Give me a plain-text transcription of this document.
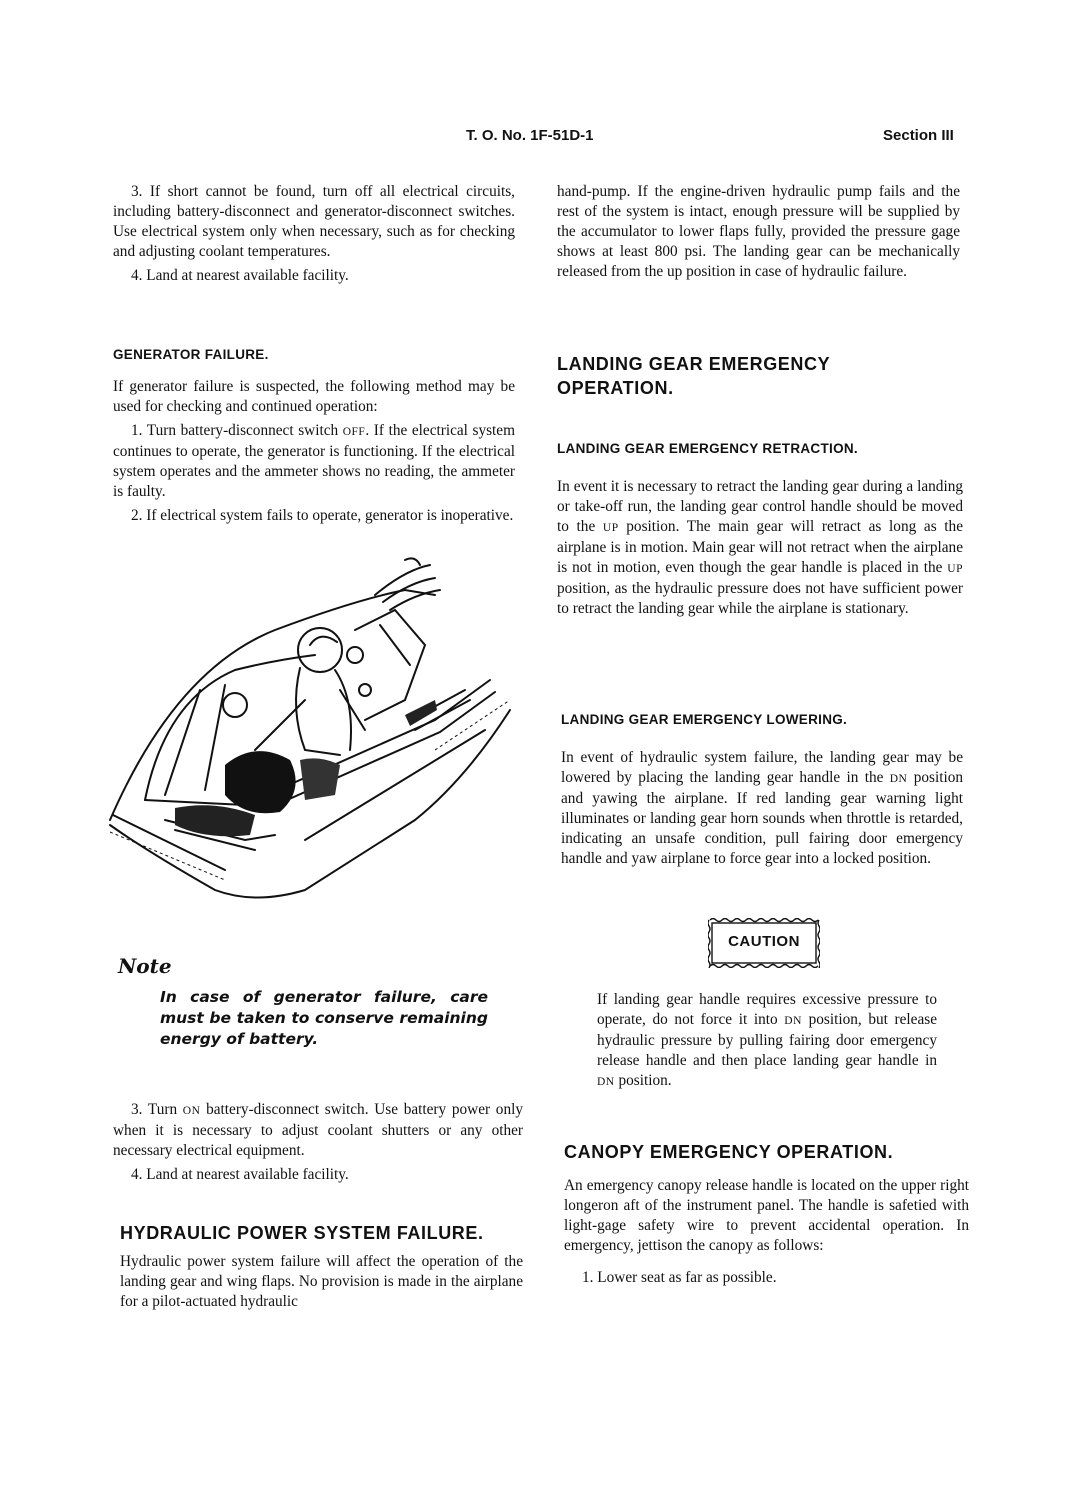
T. O. No. 1F-51D-1	Section III

3. If short cannot be found, turn off all electrical circuits, including battery-disconnect and generator-disconnect switches. Use electrical system only when necessary, such as for checking and adjusting coolant temperatures.

4. Land at nearest available facility.

GENERATOR FAILURE.

If generator failure is suspected, the following method may be used for checking and continued operation:

1. Turn battery-disconnect switch OFF. If the electrical system continues to operate, the generator is functioning. If the electrical system operates and the ammeter shows no reading, the ammeter is faulty.

2. If electrical system fails to operate, generator is inoperative.

Note
In case of generator failure, care must be taken to conserve remaining energy of battery.

3. Turn ON battery-disconnect switch. Use battery power only when it is necessary to adjust coolant shutters or any other necessary electrical equipment.

4. Land at nearest available facility.

HYDRAULIC POWER SYSTEM FAILURE.

Hydraulic power system failure will affect the operation of the landing gear and wing flaps. No provision is made in the airplane for a pilot-actuated hydraulic

hand-pump. If the engine-driven hydraulic pump fails and the rest of the system is intact, enough pressure will be supplied by the accumulator to lower flaps fully, provided the pressure gage shows at least 800 psi. The landing gear can be mechanically released from the up position in case of hydraulic failure.

LANDING GEAR EMERGENCY
OPERATION.
LANDING GEAR EMERGENCY RETRACTION.

In event it is necessary to retract the landing gear during a landing or take-off run, the landing gear control handle should be moved to the UP position. The main gear will retract as long as the airplane is in motion. Main gear will not retract when the airplane is not in motion, even though the gear handle is placed in the UP position, as the hydraulic pressure does not have sufficient power to retract the landing gear while the airplane is stationary.

LANDING GEAR EMERGENCY LOWERING.

In event of hydraulic system failure, the landing gear may be lowered by placing the landing gear handle in the DN position and yawing the airplane. If red landing gear warning light illuminates or landing gear horn sounds when throttle is retarded, indicating an unsafe condition, pull fairing door emergency handle and yaw airplane to force gear into a locked position.

CAUTION

If landing gear handle requires excessive pressure to operate, do not force it into DN position, but release hydraulic pressure by pulling fairing door emergency release handle and then place landing gear handle in DN position.

CANOPY EMERGENCY OPERATION.

An emergency canopy release handle is located on the upper right longeron aft of the instrument panel. The handle is safetied with light-gage safety wire to prevent accidental operation. In emergency, jettison the canopy as follows:

1. Lower seat as far as possible.
